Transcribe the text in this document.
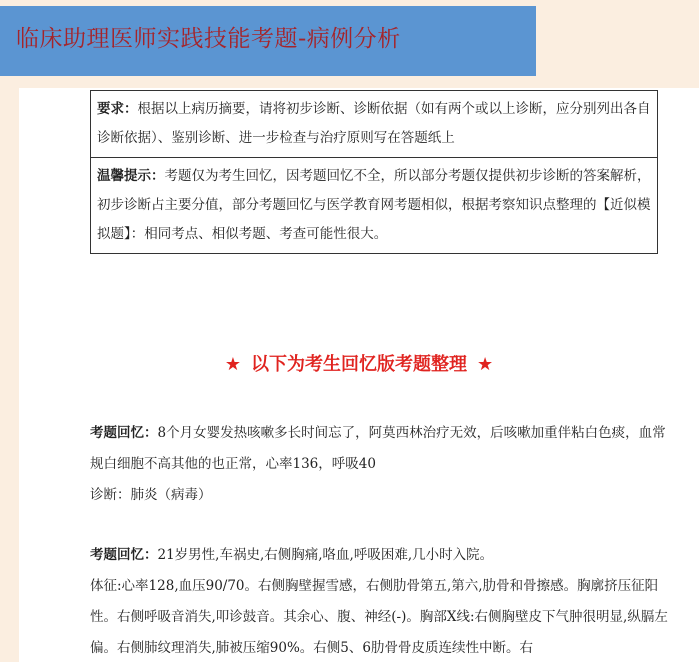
临床助理医师实践技能考题-病例分析
要求：根据以上病历摘要，请将初步诊断、诊断依据（如有两个或以上诊断，应分别列出各自诊断依据）、鉴别诊断、进一步检查与治疗原则写在答题纸上
温馨提示：考题仅为考生回忆，因考题回忆不全，所以部分考题仅提供初步诊断的答案解析，初步诊断占主要分值，部分考题回忆与医学教育网考题相似，根据考察知识点整理的【近似模拟题】：相同考点、相似考题、考查可能性很大。
★ 以下为考生回忆版考题整理 ★

考题回忆：8个月女婴发热咳嗽多长时间忘了，阿莫西林治疗无效，后咳嗽加重伴粘白色痰，血常规白细胞不高其他的也正常，心率136，呼吸40

诊断：肺炎（病毒）

考题回忆：21岁男性,车祸史,右侧胸痛,咯血,呼吸困难,几小时入院。

体征:心率128,血压90/70。右侧胸壁握雪感，右侧肋骨第五,第六,肋骨和骨擦感。胸廓挤压征阳性。右侧呼吸音消失,叩诊鼓音。其余心、腹、神经(-)。胸部X线:右侧胸壁皮下气肿很明显,纵膈左偏。右侧肺纹理消失,肺被压缩90%。右侧5、6肋骨骨皮质连续性中断。右
